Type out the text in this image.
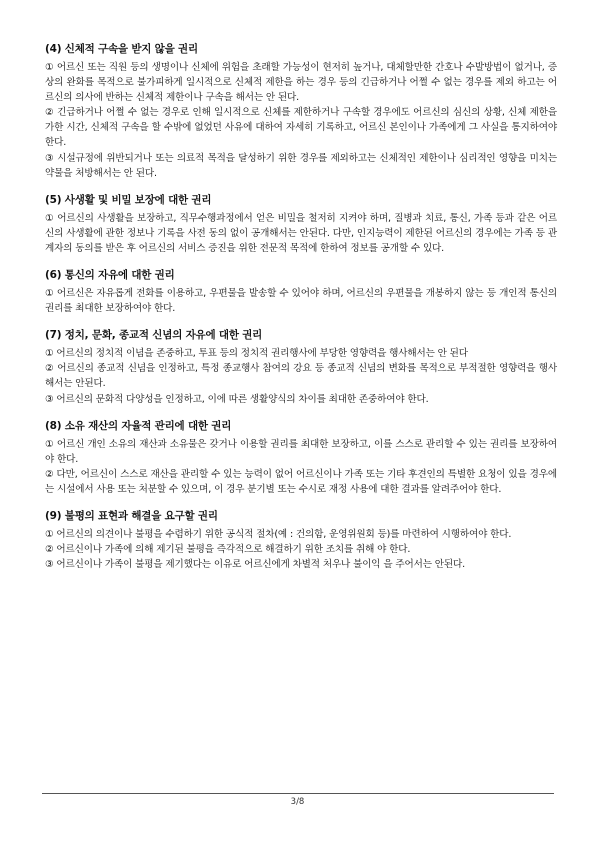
(4) 신체적 구속을 받지 않을 권리

① 어르신 또는 직원 등의 생명이나 신체에 위험을 초래할 가능성이 현저히 높거나, 대체할만한 간호나 수발방법이 없거나, 증상의 완화를 목적으로 불가피하게 일시적으로 신체적 제한을 하는 경우 등의 긴급하거나 어쩔 수 없는 경우를 제외 하고는 어르신의 의사에 반하는 신체적 제한이나 구속을 해서는 안 된다.

② 긴급하거나 어쩔 수 없는 경우로 인해 일시적으로 신체를 제한하거나 구속할 경우에도 어르신의 심신의 상황, 신체 제한을 가한 시간, 신체적 구속을 할 수밖에 없었던 사유에 대하여 자세히 기록하고, 어르신 본인이나 가족에게 그 사실을 통지하여야 한다.

③ 시설규정에 위반되거나 또는 의료적 목적을 달성하기 위한 경우를 제외하고는 신체적인 제한이나 심리적인 영향을 미치는 약물을 처방해서는 안 된다.

(5) 사생활 및 비밀 보장에 대한 권리

① 어르신의 사생활을 보장하고, 직무수행과정에서 얻은 비밀을 철저히 지켜야 하며, 질병과 치료, 통신, 가족 등과 같은 어르신의 사생활에 관한 정보나 기록을 사전 동의 없이 공개해서는 안된다. 다만, 인지능력이 제한된 어르신의 경우에는 가족 등 관계자의 동의를 받은 후 어르신의 서비스 증진을 위한 전문적 목적에 한하여 정보를 공개할 수 있다.

(6) 통신의 자유에 대한 권리

① 어르신은 자유롭게 전화를 이용하고, 우편물을 발송할 수 있어야 하며, 어르신의 우편물을 개봉하지 않는 등 개인적 통신의 권리를 최대한 보장하여야 한다.

(7) 정치, 문화, 종교적 신념의 자유에 대한 권리

① 어르신의 정치적 이념을 존중하고, 투표 등의 정치적 권리행사에 부당한 영향력을 행사해서는 안 된다

② 어르신의 종교적 신념을 인정하고, 특정 종교행사 참여의 강요 등 종교적 신념의 변화를 목적으로 부적절한 영향력을 행사해서는 안된다.

③ 어르신의 문화적 다양성을 인정하고, 이에 따른 생활양식의 차이를 최대한 존중하여야 한다.

(8) 소유 재산의 자율적 관리에 대한 권리

① 어르신 개인 소유의 재산과 소유물은 갖거나 이용할 권리를 최대한 보장하고, 이를 스스로 관리할 수 있는 권리를 보장하여야 한다.

② 다만, 어르신이 스스로 재산을 관리할 수 있는 능력이 없어 어르신이나 가족 또는 기타 후견인의 특별한 요청이 있을 경우에는 시설에서 사용 또는 처분할 수 있으며, 이 경우 분기별 또는 수시로 재정 사용에 대한 결과를 알려주어야 한다.

(9) 불평의 표현과 해결을 요구할 권리

① 어르신의 의견이나 불평을 수렴하기 위한 공식적 절차(예 : 건의함, 운영위원회 등)를 마련하여 시행하여야 한다.

② 어르신이나 가족에 의해 제기된 불평을 즉각적으로 해결하기 위한 조치를 취해 야 한다.

③ 어르신이나 가족이 불평을 제기했다는 이유로 어르신에게 차별적 처우나 불이익 을 주어서는 안된다.

3/8
